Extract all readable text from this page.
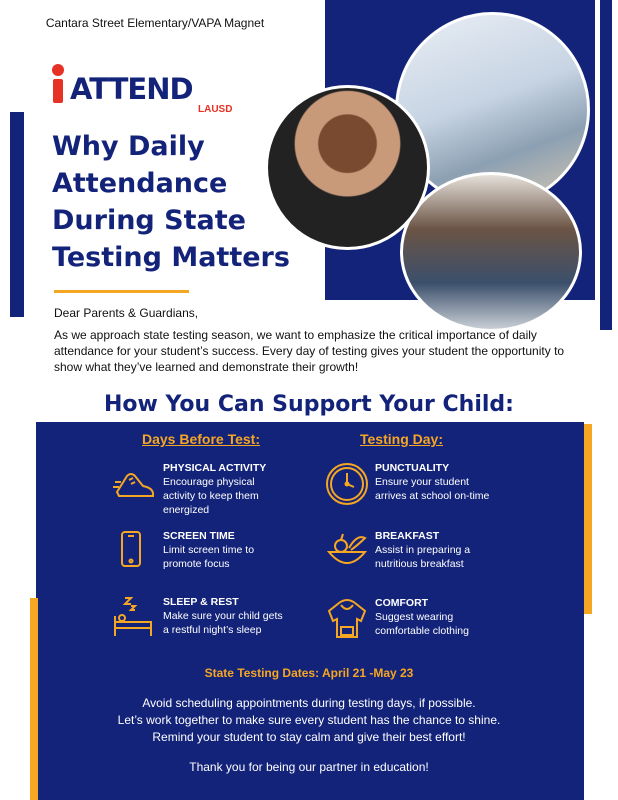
Cantara Street Elementary/VAPA Magnet
ATTEND
LAUSD
Why Daily Attendance During State Testing Matters

Dear Parents & Guardians,

As we approach state testing season, we want to emphasize the critical importance of daily attendance for your student’s success. Every day of testing gives your student the opportunity to show what they’ve learned and demonstrate their growth!

How You Can Support Your Child:
Days Before Test:	Testing Day:
PHYSICAL ACTIVITY
Encourage physical activity to keep them energized
SCREEN TIME
Limit screen time to promote focus
SLEEP & REST
Make sure your child gets a restful night’s sleep
PUNCTUALITY
Ensure your student arrives at school on-time
BREAKFAST
Assist in preparing a nutritious breakfast
COMFORT
Suggest wearing comfortable clothing
State Testing Dates: April 21 -May 23
Avoid scheduling appointments during testing days, if possible.
Let’s work together to make sure every student has the chance to shine.
Remind your student to stay calm and give their best effort!
Thank you for being our partner in education!
